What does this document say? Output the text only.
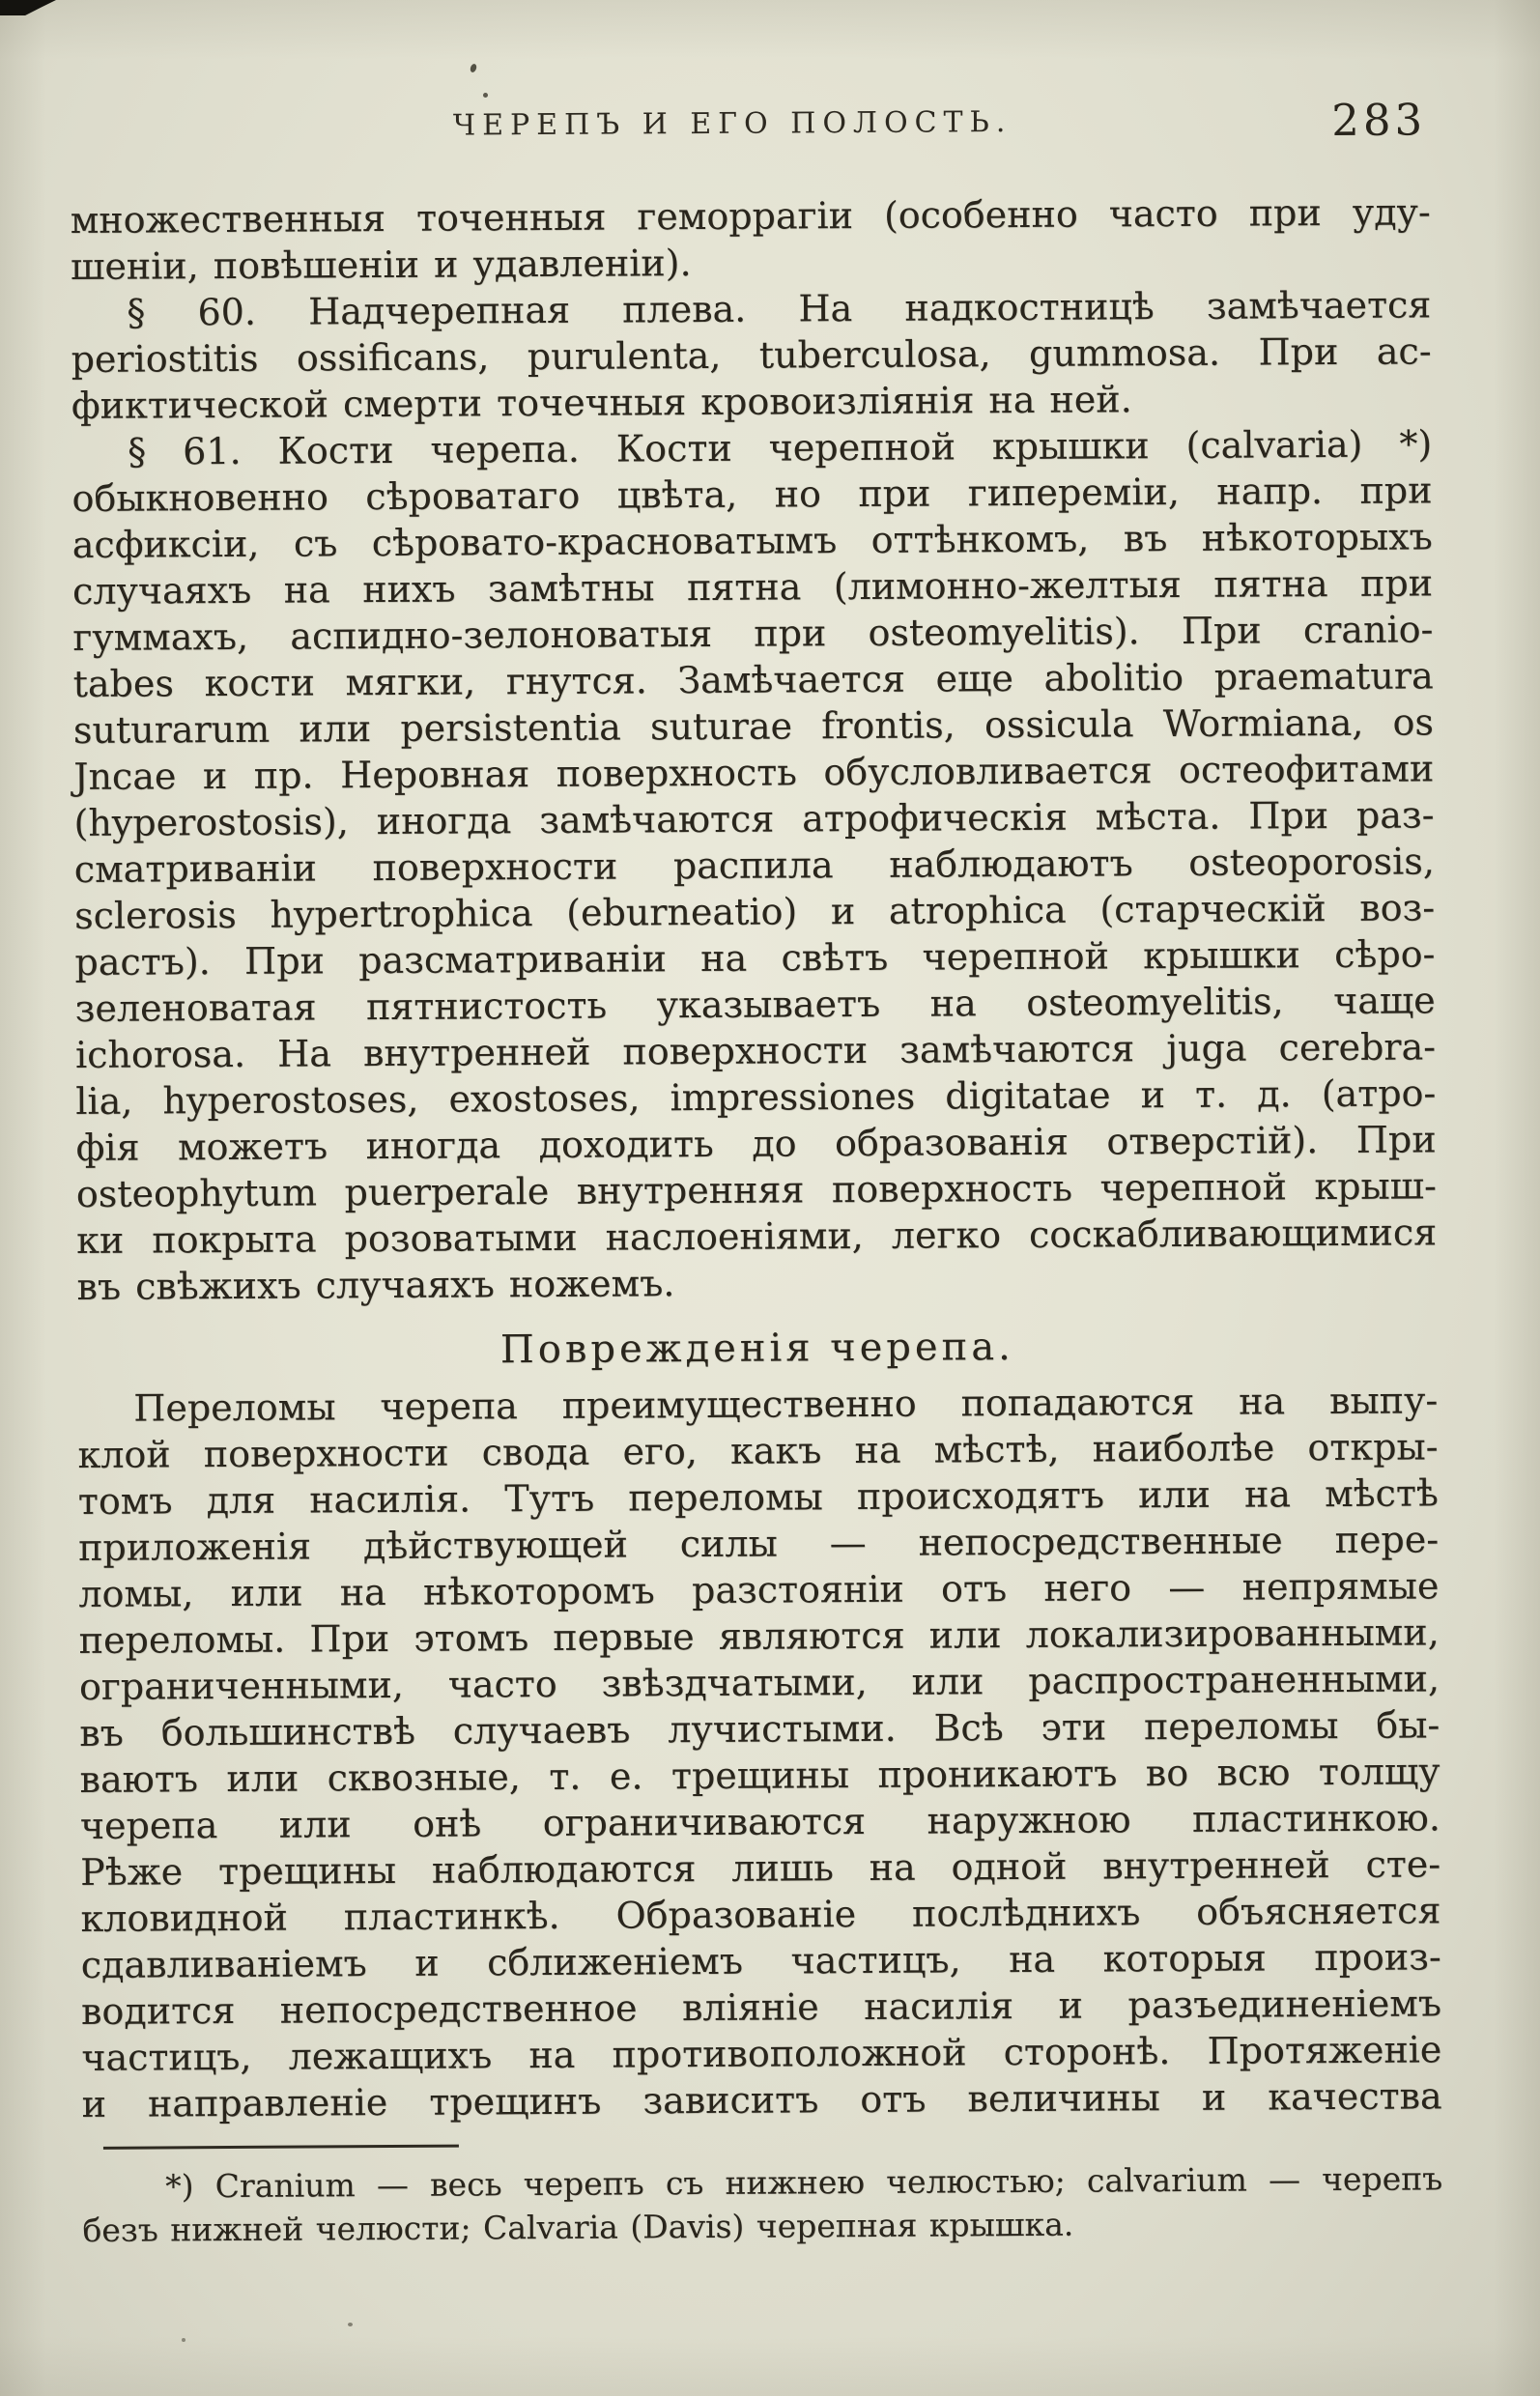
ЧЕРЕПЪ И ЕГО ПОЛОСТЬ.	283
множественныя точенныя геморрагіи (особенно часто при уду-
шеніи, повѣшеніи и удавленіи).
§ 60. Надчерепная плева. На надкостницѣ замѣчается
periostitis ossificans, purulenta, tuberculosa, gummosa. При ас-
фиктической смерти точечныя кровоизліянія на ней.
§ 61. Кости черепа. Кости черепной крышки (calvaria) *)
обыкновенно сѣроватаго цвѣта, но при гипереміи, напр. при
асфиксіи, съ сѣровато-красноватымъ оттѣнкомъ, въ нѣкоторыхъ
случаяхъ на нихъ замѣтны пятна (лимонно-желтыя пятна при
гуммахъ, аспидно-зелоноватыя при osteomyelitis). При cranio-
tabes кости мягки, гнутся. Замѣчается еще abolitio praematura
suturarum или persistentia suturae frontis, ossicula Wormiana, os
Jncae и пр. Неровная поверхность обусловливается остеофитами
(hyperostosis), иногда замѣчаются атрофическія мѣста. При раз-
сматриваніи поверхности распила наблюдаютъ osteoporosis,
sclerosis hypertrophica (eburneatio) и atrophica (старческій воз-
растъ). При разсматриваніи на свѣтъ черепной крышки сѣро-
зеленоватая пятнистость указываетъ на osteomyelitis, чаще
ichorosa. На внутренней поверхности замѣчаются juga cerebra-
lia, hyperostoses, exostoses, impressiones digitatae и т. д. (атро-
фія можетъ иногда доходить до образованія отверстій). При
osteophytum puerperale внутренняя поверхность черепной крыш-
ки покрыта розоватыми наслоеніями, легко соскабливающимися
въ свѣжихъ случаяхъ ножемъ.
Поврежденія черепа.
Переломы черепа преимущественно попадаются на выпу-
клой поверхности свода его, какъ на мѣстѣ, наиболѣе откры-
томъ для насилія. Тутъ переломы происходятъ или на мѣстѣ
приложенія дѣйствующей силы — непосредственные пере-
ломы, или на нѣкоторомъ разстояніи отъ него — непрямые
переломы. При этомъ первые являются или локализированными,
ограниченными, часто звѣздчатыми, или распространенными,
въ большинствѣ случаевъ лучистыми. Всѣ эти переломы бы-
ваютъ или сквозные, т. е. трещины проникаютъ во всю толщу
черепа или онѣ ограничиваются наружною пластинкою.
Рѣже трещины наблюдаются лишь на одной внутренней сте-
кловидной пластинкѣ. Образованіе послѣднихъ объясняется
сдавливаніемъ и сближеніемъ частицъ, на которыя произ-
водится непосредственное вліяніе насилія и разъединеніемъ
частицъ, лежащихъ на противоположной сторонѣ. Протяженіе
и направленіе трещинъ зависитъ отъ величины и качества
*) Cranium — весь черепъ съ нижнею челюстью; calvarium — черепъ
безъ нижней челюсти; Calvaria (Davis) черепная крышка.
